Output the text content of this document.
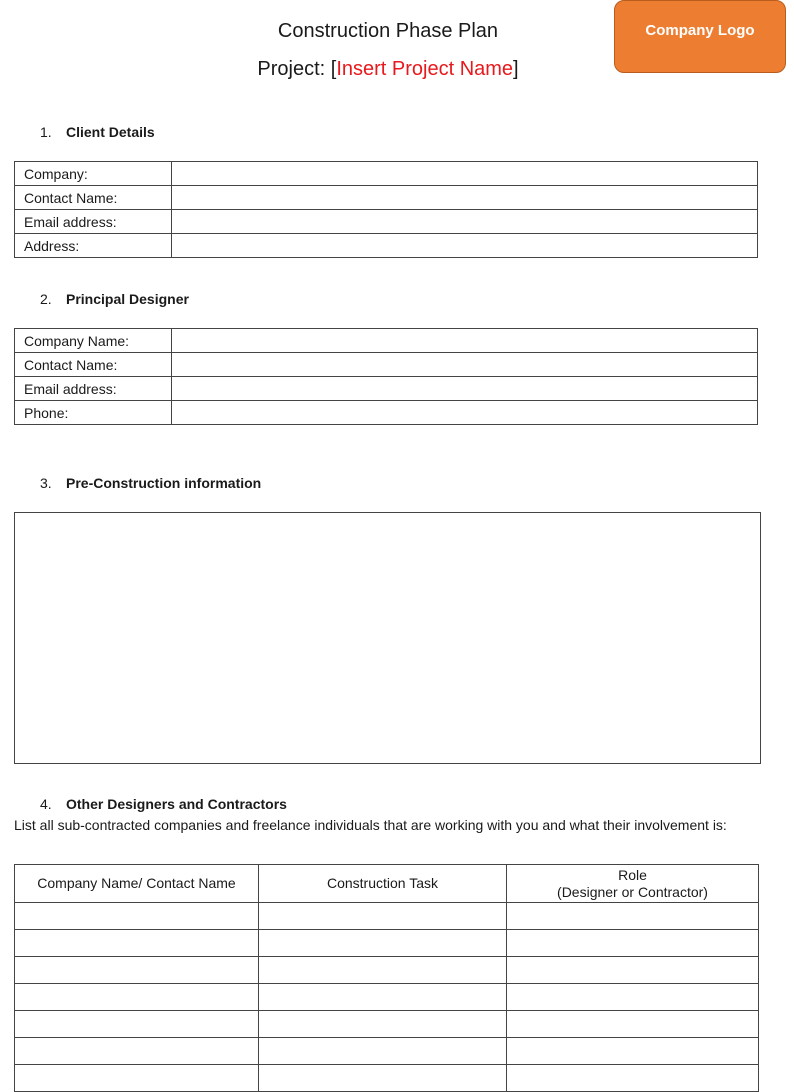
Construction Phase Plan
Project: [Insert Project Name]
Company Logo
1. Client Details
Company:	
Contact Name:	
Email address:	
Address:	
2. Principal Designer
Company Name:	
Contact Name:	
Email address:	
Phone:	
3. Pre-Construction information
4. Other Designers and Contractors
List all sub-contracted companies and freelance individuals that are working with you and what their involvement is:
Company Name/ Contact Name	Construction Task	Role
(Designer or Contractor)
